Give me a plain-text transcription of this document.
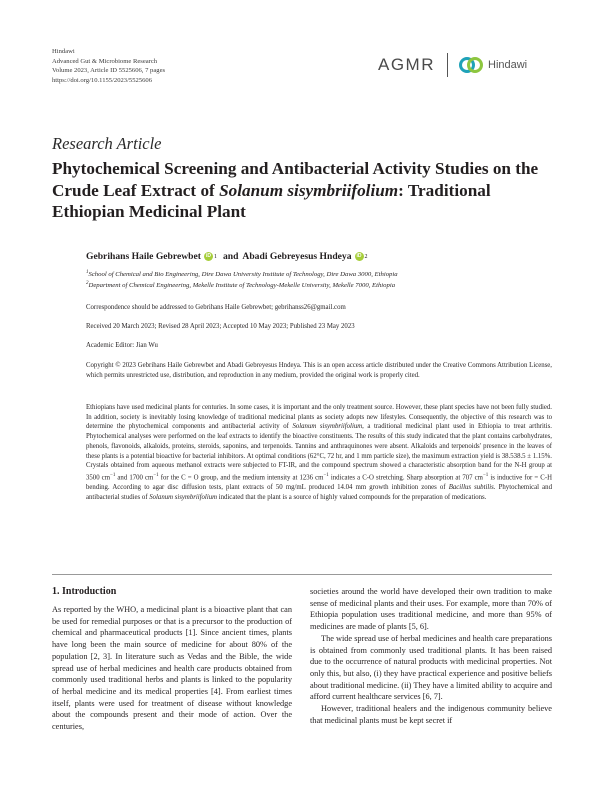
Hindawi
Advanced Gut & Microbiome Research
Volume 2023, Article ID 5525606, 7 pages
https://doi.org/10.1155/2023/5525606
AGMR	Hindawi
Research Article
Phytochemical Screening and Antibacterial Activity Studies on the Crude Leaf Extract of Solanum sisymbriifolium: Traditional Ethiopian Medicinal Plant
Gebrihans Haile Gebrewbet	iD 1 and Abadi Gebreyesus Hndeya	iD 2
$^1$School of Chemical and Bio Engineering, Dire Dawa University Institute of Technology, Dire Dawa 3000, Ethiopia
$^2$Department of Chemical Engineering, Mekelle Institute of Technology-Mekelle University, Mekelle 7000, Ethiopia
Correspondence should be addressed to Gebrihans Haile Gebrewbet; gebrihanss26@gmail.com
Received 20 March 2023; Revised 28 April 2023; Accepted 10 May 2023; Published 23 May 2023
Academic Editor: Jian Wu
Copyright © 2023 Gebrihans Haile Gebrewbet and Abadi Gebreyesus Hndeya. This is an open access article distributed under the Creative Commons Attribution License, which permits unrestricted use, distribution, and reproduction in any medium, provided the original work is properly cited.
Ethiopians have used medicinal plants for centuries. In some cases, it is important and the only treatment source. However, these plant species have not been fully studied. In addition, society is inevitably losing knowledge of traditional medicinal plants as society adopts new lifestyles. Consequently, the objective of this research was to determine the phytochemical components and antibacterial activity of Solanum sisymbriifolium, a traditional medicinal plant used in Ethiopia to treat arthritis. Phytochemical analyses were performed on the leaf extracts to identify the bioactive constituents. The results of this study indicated that the plant contains carbohydrates, phenols, flavonoids, alkaloids, proteins, steroids, saponins, and terpenoids. Tannins and anthraquinones were absent. Alkaloids and terpenoids' presence in the leaves of these plants is a potential bioactive for bacterial inhibitors. At optimal conditions (62°C, 72 hr, and 1 mm particle size), the maximum extraction yield is 38.538.5 ± 1.15%. Crystals obtained from aqueous methanol extracts were subjected to FT-IR, and the compound spectrum showed a characteristic absorption band for the N-H group at 3500 $cm^{-1}$ and 1700 $cm^{-1}$ for the C = O group, and the medium intensity at 1236 $cm^{-1}$ indicates a C-O stretching. Sharp absorption at 707 $cm^{-1}$ is inductive for = C-H bending. According to agar disc diffusion tests, plant extracts of 50 mg/mL produced 14.04 mm growth inhibition zones of Bacillus subtilis. Phytochemical and antibacterial studies of Solanum sisymbriifolium indicated that the plant is a source of highly valued compounds for the preparation of medications.
1. Introduction

As reported by the WHO, a medicinal plant is a bioactive plant that can be used for remedial purposes or that is a precursor to the production of chemical and pharmaceutical products [1]. Since ancient times, plants have long been the main source of medicine for about 80% of the population [2, 3]. In literature such as Vedas and the Bible, the wide spread use of herbal medicines and health care products obtained from commonly used traditional herbs and plants is linked to the popularity of herbal medicine and its medical properties [4]. From earliest times itself, plants were used for treatment of disease without knowledge about the compounds present and their mode of action. Over the centuries,

societies around the world have developed their own tradition to make sense of medicinal plants and their uses. For example, more than 70% of Ethiopia population uses traditional medicine, and more than 95% of medicines are made of plants [5, 6].

The wide spread use of herbal medicines and health care preparations is obtained from commonly used traditional plants. It has been raised due to the occurrence of natural products with medicinal properties. Not only this, but also, (i) they have practical experience and positive beliefs about traditional medicine. (ii) They have a limited ability to acquire and afford current healthcare services [6, 7].

However, traditional healers and the indigenous community believe that medicinal plants must be kept secret if
